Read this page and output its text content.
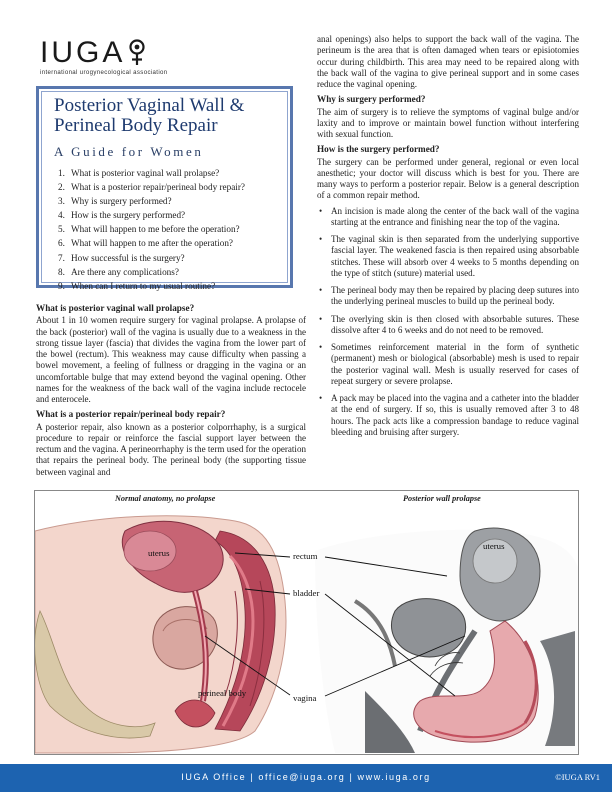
IUGA
international urogynecological association
Posterior Vaginal Wall &
Perineal Body Repair
A Guide for Women
1. What is posterior vaginal wall prolapse?
2. What is a posterior repair/perineal body repair?
3. Why is surgery performed?
4. How is the surgery performed?
5. What will happen to me before the operation?
6. What will happen to me after the operation?
7. How successful is the surgery?
8. Are there any complications?
9. When can I return to my usual routine?
What is posterior vaginal wall prolapse?

About 1 in 10 women require surgery for vaginal prolapse. A prolapse of the back (posterior) wall of the vagina is usually due to a weakness in the strong tissue layer (fascia) that divides the vagina from the lower part of the bowel (rectum). This weakness may cause difficulty when passing a bowel movement, a feeling of fullness or dragging in the vagina or an uncomfortable bulge that may extend beyond the vaginal opening. Other names for the weakness of the back wall of the vagina include rectocele and enterocele.

What is a posterior repair/perineal body repair?

A posterior repair, also known as a posterior colporrhaphy, is a surgical procedure to repair or reinforce the fascial support layer between the rectum and the vagina. A perineorrhaphy is the term used for the operation that repairs the perineal body. The perineal body (the supporting tissue between vaginal and

anal openings) also helps to support the back wall of the vagina. The perineum is the area that is often damaged when tears or episiotomies occur during childbirth. This area may need to be repaired along with the back wall of the vagina to give perineal support and in some cases reduce the vaginal opening.

Why is surgery performed?

The aim of surgery is to relieve the symptoms of vaginal bulge and/or laxity and to improve or maintain bowel function without interfering with sexual function.

How is the surgery performed?

The surgery can be performed under general, regional or even local anesthetic; your doctor will discuss which is best for you. There are many ways to perform a posterior repair. Below is a general description of a common repair method.

• An incision is made along the center of the back wall of the vagina starting at the entrance and finishing near the top of the vagina.
• The vaginal skin is then separated from the underlying supportive fascial layer. The weakened fascia is then repaired using absorbable stitches. These will absorb over 4 weeks to 5 months depending on the type of stitch (suture) material used.
• The perineal body may then be repaired by placing deep sutures into the underlying perineal muscles to build up the perineal body.
• The overlying skin is then closed with absorbable sutures. These dissolve after 4 to 6 weeks and do not need to be removed.
• Sometimes reinforcement material in the form of synthetic (permanent) mesh or biological (absorbable) mesh is used to repair the posterior vaginal wall. Mesh is usually reserved for cases of repeat surgery or severe prolapse.
• A pack may be placed into the vagina and a catheter into the bladder at the end of surgery. If so, this is usually removed after 3 to 48 hours. The pack acts like a compression bandage to reduce vaginal bleeding and bruising after surgery.
Normal anatomy, no prolapse	Posterior wall prolapse
uterus	rectum
bladder
perineal body	vagina
uterus
IUGA Office | office@iuga.org | www.iuga.org	©IUGA RV1
